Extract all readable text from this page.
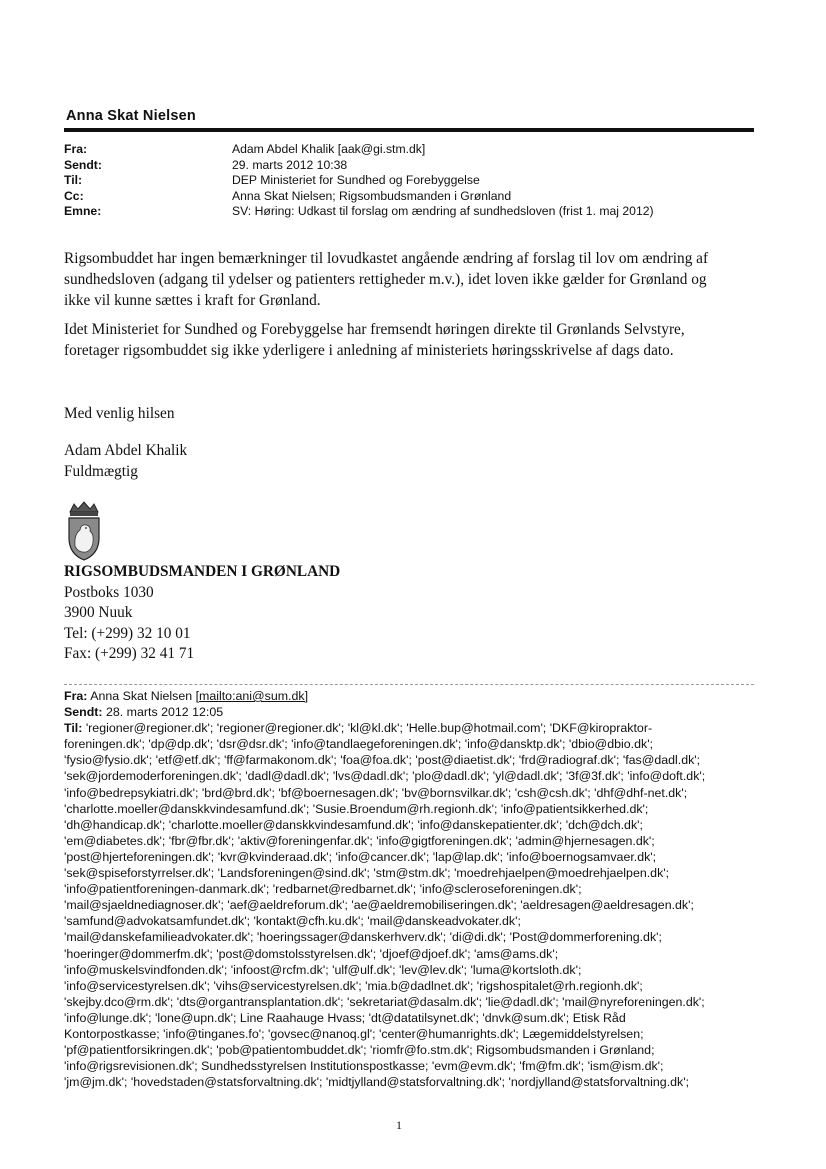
Anna Skat Nielsen
Fra:	Adam Abdel Khalik [aak@gi.stm.dk]
Sendt:	29. marts 2012 10:38
Til:	DEP Ministeriet for Sundhed og Forebyggelse
Cc:	Anna Skat Nielsen; Rigsombudsmanden i Grønland
Emne:	SV: Høring: Udkast til forslag om ændring af sundhedsloven (frist 1. maj 2012)
Rigsombuddet har ingen bemærkninger til lovudkastet angående ændring af forslag til lov om ændring af
sundhedsloven (adgang til ydelser og patienters rettigheder m.v.), idet loven ikke gælder for Grønland og
ikke vil kunne sættes i kraft for Grønland.
Idet Ministeriet for Sundhed og Forebyggelse har fremsendt høringen direkte til Grønlands Selvstyre,
foretager rigsombuddet sig ikke yderligere i anledning af ministeriets høringsskrivelse af dags dato.
Med venlig hilsen
Adam Abdel Khalik
Fuldmægtig
RIGSOMBUDSMANDEN I GRØNLAND
Postboks 1030
3900 Nuuk
Tel: (+299) 32 10 01
Fax: (+299) 32 41 71
Fra: Anna Skat Nielsen [mailto:ani@sum.dk]
Sendt: 28. marts 2012 12:05
Til: 'regioner@regioner.dk'; 'regioner@regioner.dk'; 'kl@kl.dk'; 'Helle.bup@hotmail.com'; 'DKF@kiropraktor-
foreningen.dk'; 'dp@dp.dk'; 'dsr@dsr.dk'; 'info@tandlaegeforeningen.dk'; 'info@dansktp.dk'; 'dbio@dbio.dk';
'fysio@fysio.dk'; 'etf@etf.dk'; 'ff@farmakonom.dk'; 'foa@foa.dk'; 'post@diaetist.dk'; 'frd@radiograf.dk'; 'fas@dadl.dk';
'sek@jordemoderforeningen.dk'; 'dadl@dadl.dk'; 'lvs@dadl.dk'; 'plo@dadl.dk'; 'yl@dadl.dk'; '3f@3f.dk'; 'info@doft.dk';
'info@bedrepsykiatri.dk'; 'brd@brd.dk'; 'bf@boernesagen.dk'; 'bv@bornsvilkar.dk'; 'csh@csh.dk'; 'dhf@dhf-net.dk';
'charlotte.moeller@danskkvindesamfund.dk'; 'Susie.Broendum@rh.regionh.dk'; 'info@patientsikkerhed.dk';
'dh@handicap.dk'; 'charlotte.moeller@danskkvindesamfund.dk'; 'info@danskepatienter.dk'; 'dch@dch.dk';
'em@diabetes.dk'; 'fbr@fbr.dk'; 'aktiv@foreningenfar.dk'; 'info@gigtforeningen.dk'; 'admin@hjernesagen.dk';
'post@hjerteforeningen.dk'; 'kvr@kvinderaad.dk'; 'info@cancer.dk'; 'lap@lap.dk'; 'info@boernogsamvaer.dk';
'sek@spiseforstyrrelser.dk'; 'Landsforeningen@sind.dk'; 'stm@stm.dk'; 'moedrehjaelpen@moedrehjaelpen.dk';
'info@patientforeningen-danmark.dk'; 'redbarnet@redbarnet.dk'; 'info@scleroseforeningen.dk';
'mail@sjaeldnediagnoser.dk'; 'aef@aeldreforum.dk'; 'ae@aeldremobiliseringen.dk'; 'aeldresagen@aeldresagen.dk';
'samfund@advokatsamfundet.dk'; 'kontakt@cfh.ku.dk'; 'mail@danskeadvokater.dk';
'mail@danskefamilieadvokater.dk'; 'hoeringssager@danskerhverv.dk'; 'di@di.dk'; 'Post@dommerforening.dk';
'hoeringer@dommerfm.dk'; 'post@domstolsstyrelsen.dk'; 'djoef@djoef.dk'; 'ams@ams.dk';
'info@muskelsvindfonden.dk'; 'infoost@rcfm.dk'; 'ulf@ulf.dk'; 'lev@lev.dk'; 'luma@kortsloth.dk';
'info@servicestyrelsen.dk'; 'vihs@servicestyrelsen.dk'; 'mia.b@dadlnet.dk'; 'rigshospitalet@rh.regionh.dk';
'skejby.dco@rm.dk'; 'dts@organtransplantation.dk'; 'sekretariat@dasalm.dk'; 'lie@dadl.dk'; 'mail@nyreforeningen.dk';
'info@lunge.dk'; 'lone@upn.dk'; Line Raahauge Hvass; 'dt@datatilsynet.dk'; 'dnvk@sum.dk'; Etisk Råd
Kontorpostkasse; 'info@tinganes.fo'; 'govsec@nanoq.gl'; 'center@humanrights.dk'; Lægemiddelstyrelsen;
'pf@patientforsikringen.dk'; 'pob@patientombuddet.dk'; 'riomfr@fo.stm.dk'; Rigsombudsmanden i Grønland;
'info@rigsrevisionen.dk'; Sundhedsstyrelsen Institutionspostkasse; 'evm@evm.dk'; 'fm@fm.dk'; 'ism@ism.dk';
'jm@jm.dk'; 'hovedstaden@statsforvaltning.dk'; 'midtjylland@statsforvaltning.dk'; 'nordjylland@statsforvaltning.dk';
1
